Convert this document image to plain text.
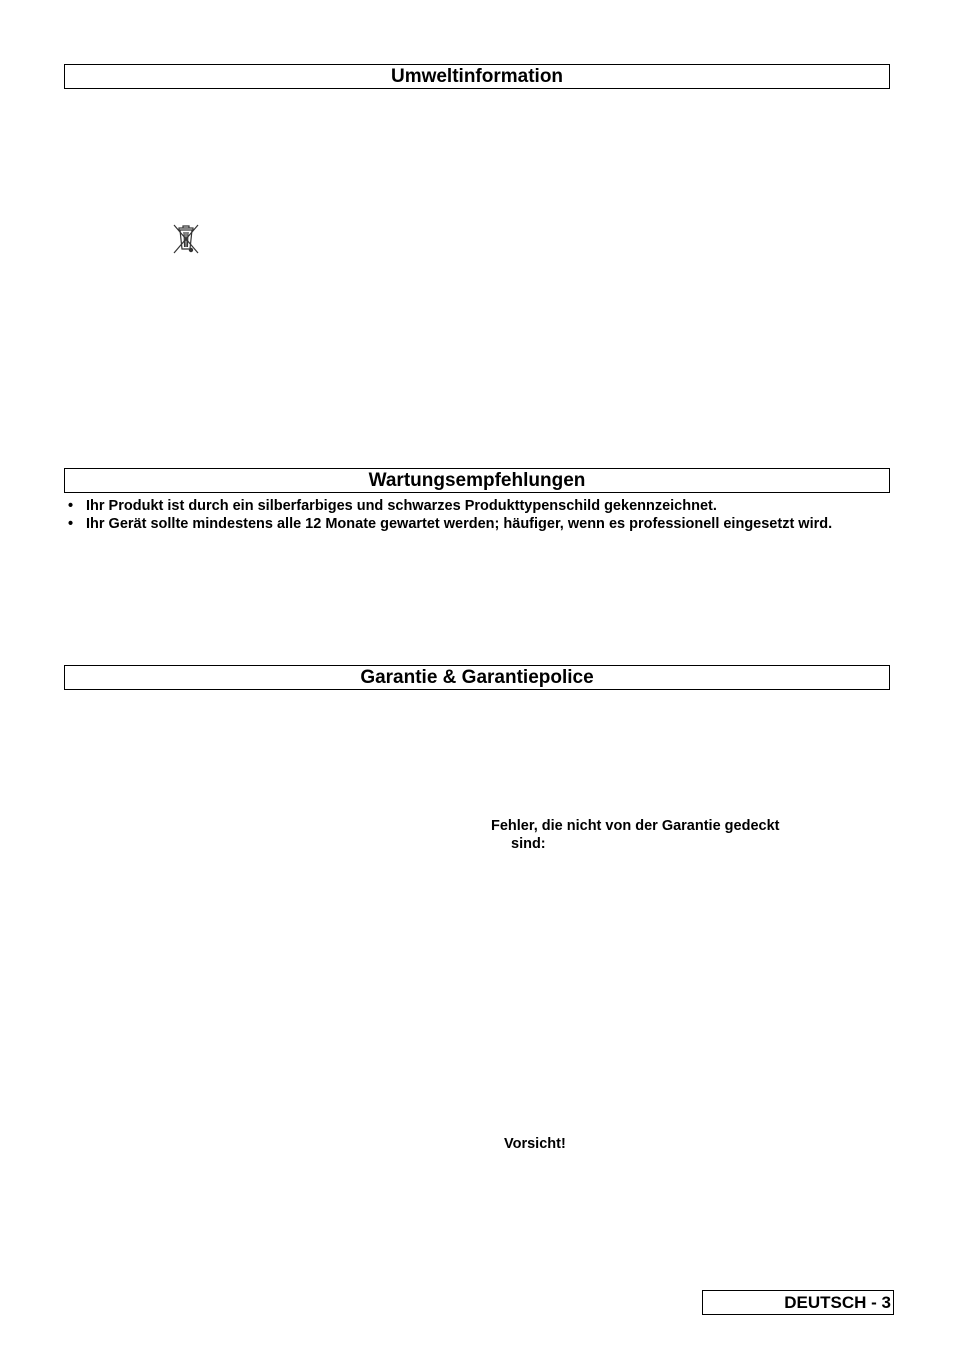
Umweltinformation
Wartungsempfehlungen
• Ihr Produkt ist durch ein silberfarbiges und schwarzes Produkttypenschild gekennzeichnet.
• Ihr Gerät sollte mindestens alle 12 Monate gewartet werden; häufiger, wenn es professionell eingesetzt wird.
Garantie & Garantiepolice
Fehler, die nicht von der Garantie gedeckt
sind:
Vorsicht!
DEUTSCH - 3
